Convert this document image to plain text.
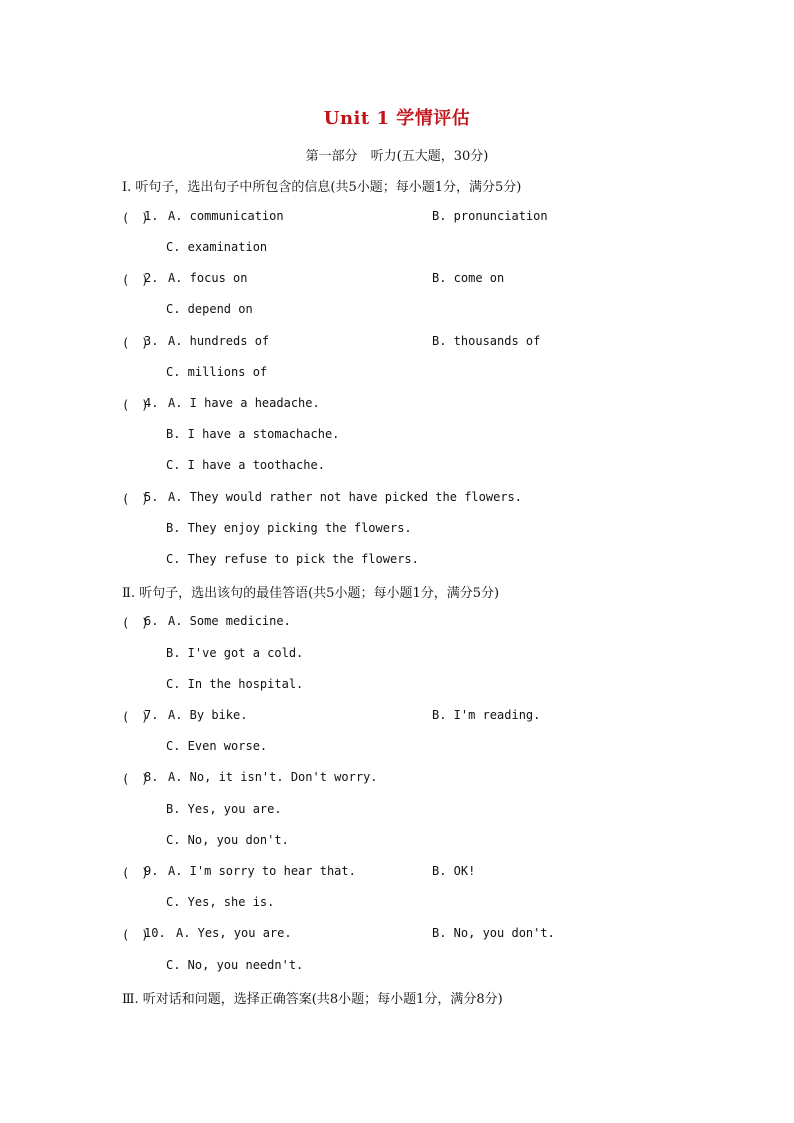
Unit 1 学情评估
第一部分　听力(五大题，30分)
Ⅰ. 听句子，选出句子中所包含的信息(共5小题；每小题1分，满分5分)
(　)
1. A. communication	B. pronunciation
C. examination
(　)
2. A. focus on	B. come on
C. depend on
(　)
3. A. hundreds of	B. thousands of
C. millions of
(　)
4. A. I have a headache.
B. I have a stomachache.
C. I have a toothache.
(　)
5. A. They would rather not have picked the flowers.
B. They enjoy picking the flowers.
C. They refuse to pick the flowers.
Ⅱ. 听句子，选出该句的最佳答语(共5小题；每小题1分，满分5分)
(　)
6. A. Some medicine.
B. I've got a cold.
C. In the hospital.
(　)
7. A. By bike.	B. I'm reading.
C. Even worse.
(　)
8. A. No, it isn't. Don't worry.
B. Yes, you are.
C. No, you don't.
(　)
9. A. I'm sorry to hear that.	B. OK!
C. Yes, she is.
(　)
10. A. Yes, you are.	B. No, you don't.
C. No, you needn't.
Ⅲ. 听对话和问题，选择正确答案(共8小题；每小题1分，满分8分)
